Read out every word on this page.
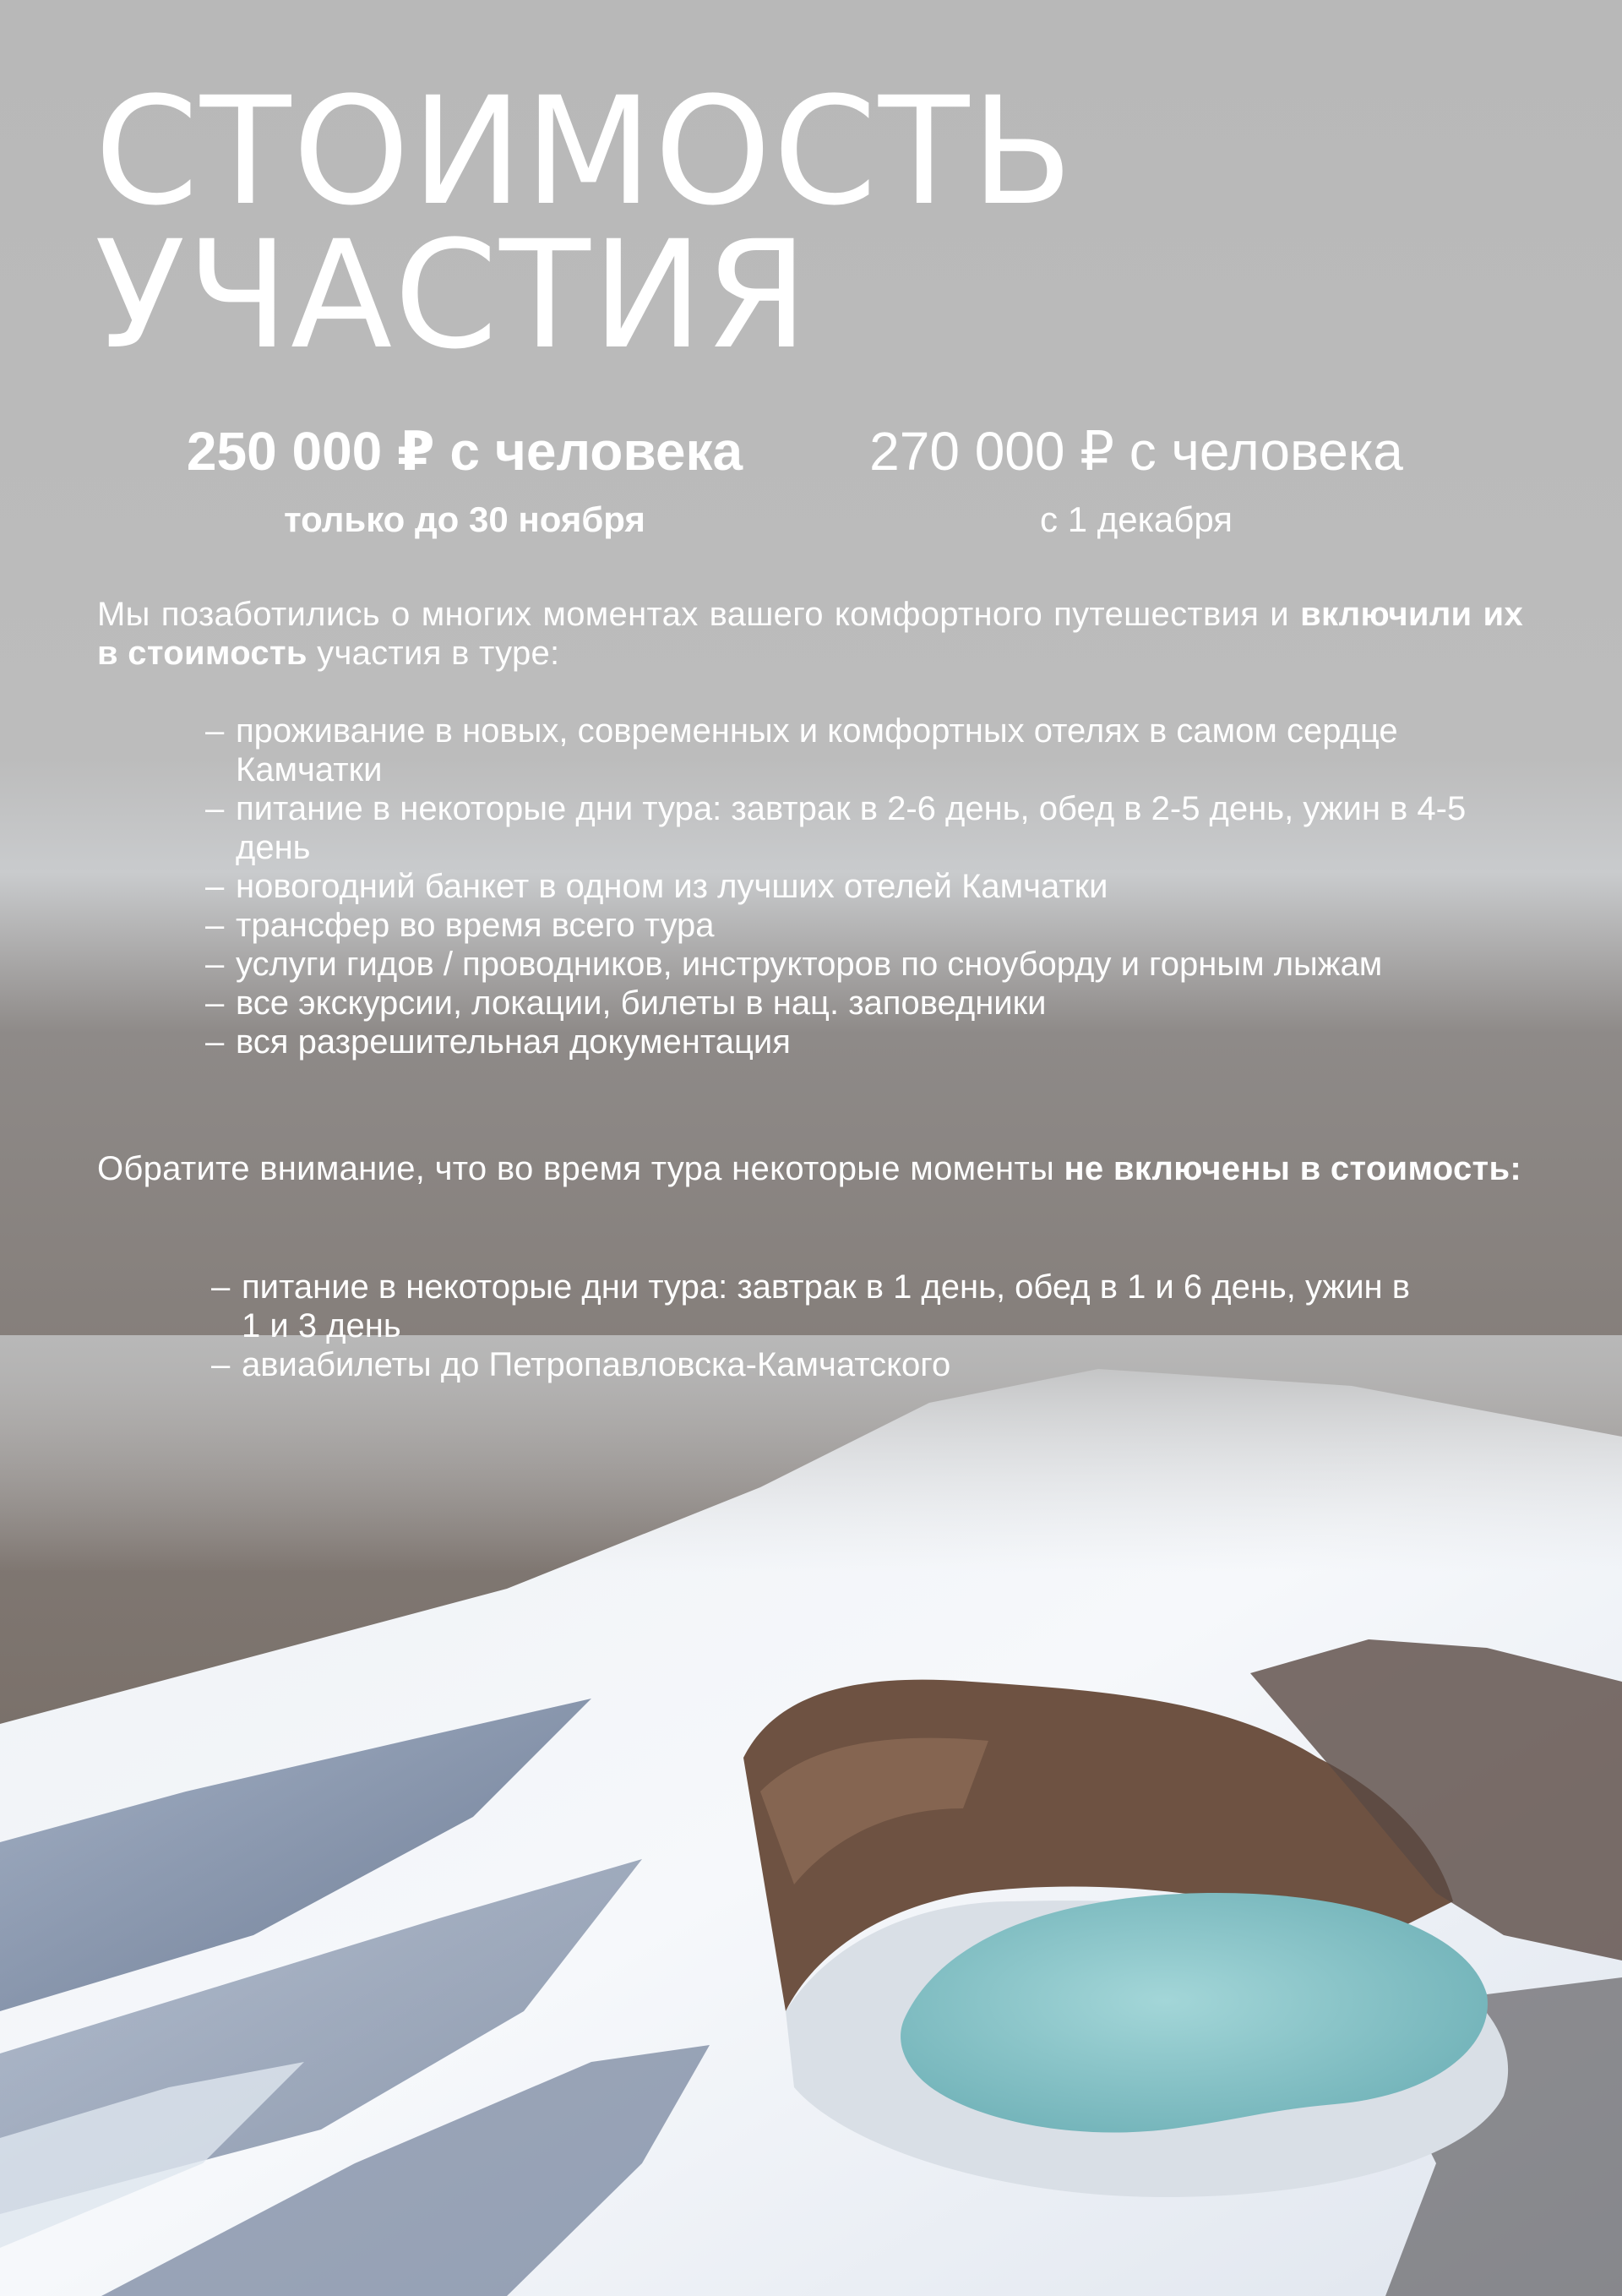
СТОИМОСТЬ
УЧАСТИЯ
250 000 ₽ с человека
только до 30 ноября
270 000 ₽ с человека
с 1 декабря

Мы позаботились о многих моментах вашего комфортного путешествия и включили их в стоимость участия в туре:

– проживание в новых, современных и комфортных отелях в самом сердце Камчатки
– питание в некоторые дни тура: завтрак в 2-6 день, обед в 2-5 день, ужин в 4-5 день
– новогодний банкет в одном из лучших отелей Камчатки
– трансфер во время всего тура
– услуги гидов / проводников, инструкторов по сноуборду и горным лыжам
– все экскурсии, локации, билеты в нац. заповедники
– вся разрешительная документация

Обратите внимание, что во время тура некоторые моменты не включены в стоимость:

– питание в некоторые дни тура: завтрак в 1 день, обед в 1 и 6 день, ужин в 1 и 3 день
– авиабилеты до Петропавловска-Камчатского
